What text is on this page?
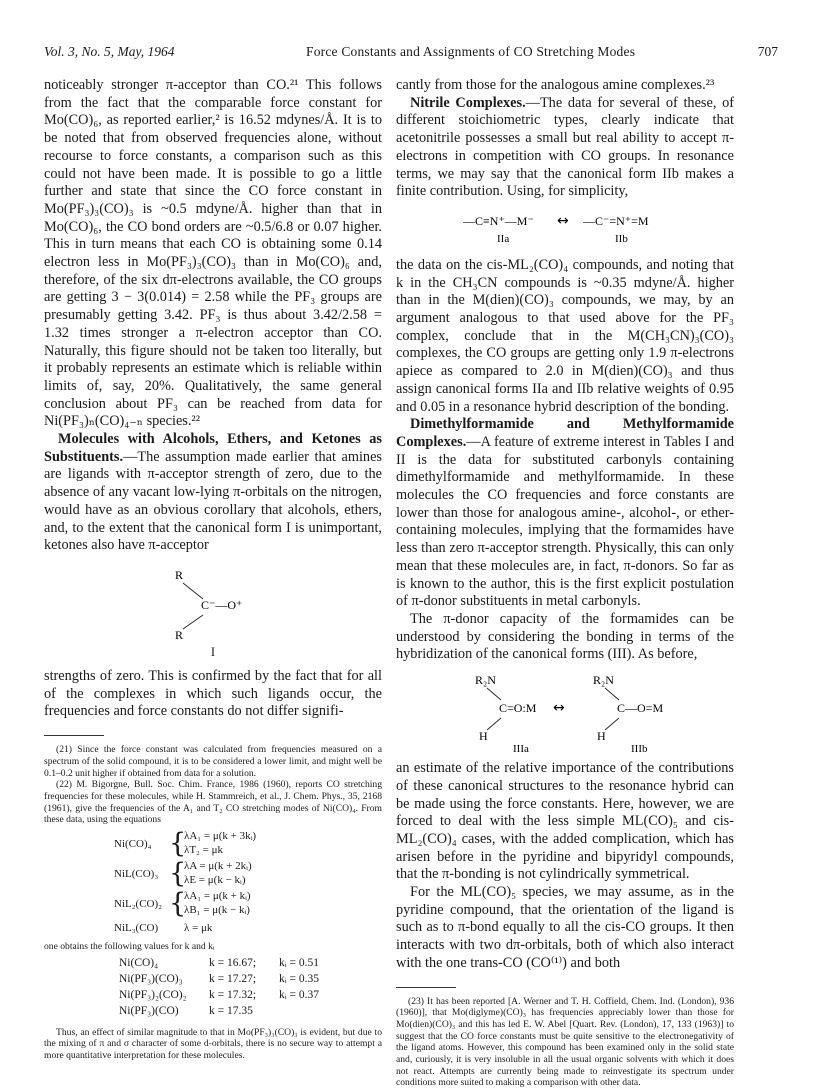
Vol. 3, No. 5, May, 1964	Force Constants and Assignments of CO Stretching Modes	707

noticeably stronger π-acceptor than CO.²¹ This follows from the fact that the comparable force constant for Mo(CO)₆, as reported earlier,² is 16.52 mdynes/Å. It is to be noted that from observed frequencies alone, without recourse to force constants, a comparison such as this could not have been made. It is possible to go a little further and state that since the CO force constant in Mo(PF₃)₃(CO)₃ is ~0.5 mdyne/Å. higher than that in Mo(CO)₆, the CO bond orders are ~0.5/6.8 or 0.07 higher. This in turn means that each CO is obtaining some 0.14 electron less in Mo(PF₃)₃(CO)₃ than in Mo(CO)₆ and, therefore, of the six dπ-electrons available, the CO groups are getting 3 − 3(0.014) = 2.58 while the PF₃ groups are presumably getting 3.42. PF₃ is thus about 3.42/2.58 = 1.32 times stronger a π-electron acceptor than CO. Naturally, this figure should not be taken too literally, but it probably represents an estimate which is reliable within limits of, say, 20%. Qualitatively, the same general conclusion about PF₃ can be reached from data for Ni(PF₃)ₙ(CO)₄₋ₙ species.²²

Molecules with Alcohols, Ethers, and Ketones as Substituents.—The assumption made earlier that amines are ligands with π-acceptor strength of zero, due to the absence of any vacant low-lying π-orbitals on the nitrogen, would have as an obvious corollary that alcohols, ethers, and, to the extent that the canonical form I is unimportant, ketones also have π-acceptor

R
C⁻—O⁺
R
I

strengths of zero. This is confirmed by the fact that for all of the complexes in which such ligands occur, the frequencies and force constants do not differ signifi-

(21) Since the force constant was calculated from frequencies measured on a spectrum of the solid compound, it is to be considered a lower limit, and might well be 0.1–0.2 unit higher if obtained from data for a solution.

(22) M. Bigorgne, Bull. Soc. Chim. France, 1986 (1960), reports CO stretching frequencies for these molecules, while H. Stammreich, et al., J. Chem. Phys., 35, 2168 (1961), give the frequencies of the A₁ and T₂ CO stretching modes of Ni(CO)₄. From these data, using the equations

Ni(CO)₄ {
λA₁ = μ(k + 3kᵢ)
λT₂ = μk
NiL(CO)₃ {
λA = μ(k + 2kᵢ)
λE = μ(k − kᵢ)
NiL₂(CO)₂ {
λA₁ = μ(k + kᵢ)
λB₁ = μ(k − kᵢ)
NiL₃(CO) λ = μk

one obtains the following values for k and kᵢ

Ni(CO)₄	k = 16.67; kᵢ = 0.51
Ni(PF₃)(CO)₃ k = 17.27; kᵢ = 0.35
Ni(PF₃)₂(CO)₂ k = 17.32; kᵢ = 0.37
Ni(PF₃)(CO)	k = 17.35

Thus, an effect of similar magnitude to that in Mo(PF₃)₃(CO)₃ is evident, but due to the mixing of π and σ character of some d-orbitals, there is no secure way to attempt a more quantitative interpretation for these molecules.

cantly from those for the analogous amine complexes.²³

Nitrile Complexes.—The data for several of these, of different stoichiometric types, clearly indicate that acetonitrile possesses a small but real ability to accept π-electrons in competition with CO groups. In resonance terms, we may say that the canonical form IIb makes a finite contribution. Using, for simplicity,

—C≡N⁺—M⁻ ↔ —C⁻=N⁺=M
IIa	IIb

the data on the cis-ML₂(CO)₄ compounds, and noting that k in the CH₃CN compounds is ~0.35 mdyne/Å. higher than in the M(dien)(CO)₃ compounds, we may, by an argument analogous to that used above for the PF₃ complex, conclude that in the M(CH₃CN)₃(CO)₃ complexes, the CO groups are getting only 1.9 π-electrons apiece as compared to 2.0 in M(dien)(CO)₃ and thus assign canonical forms IIa and IIb relative weights of 0.95 and 0.05 in a resonance hybrid description of the bonding.

Dimethylformamide and Methylformamide Complexes.—A feature of extreme interest in Tables I and II is the data for substituted carbonyls containing dimethylformamide and methylformamide. In these molecules the CO frequencies and force constants are lower than those for analogous amine-, alcohol-, or ether-containing molecules, implying that the formamides have less than zero π-acceptor strength. Physically, this can only mean that these molecules are, in fact, π-donors. So far as is known to the author, this is the first explicit postulation of π-donor substituents in metal carbonyls.

The π-donor capacity of the formamides can be understood by considering the bonding in terms of the hybridization of the canonical forms (III). As before,

R₂N
C=O:M
H
↔
R₂N
C—O=M
H
IIIa	IIIb

an estimate of the relative importance of the contributions of these canonical structures to the resonance hybrid can be made using the force constants. Here, however, we are forced to deal with the less simple ML(CO)₅ and cis-ML₂(CO)₄ cases, with the added complication, which has arisen before in the pyridine and bipyridyl compounds, that the π-bonding is not cylindrically symmetrical.

For the ML(CO)₅ species, we may assume, as in the pyridine compound, that the orientation of the ligand is such as to π-bond equally to all the cis-CO groups. It then interacts with two dπ-orbitals, both of which also interact with the one trans-CO (CO⁽¹⁾) and both

(23) It has been reported [A. Werner and T. H. Coffield, Chem. Ind. (London), 936 (1960)], that Mo(diglyme)(CO)₃ has frequencies appreciably lower than those for Mo(dien)(CO)₃ and this has led E. W. Abel [Quart. Rev. (London), 17, 133 (1963)] to suggest that the CO force constants must be quite sensitive to the electronegativity of the ligand atoms. However, this compound has been examined only in the solid state and, curiously, it is very insoluble in all the usual organic solvents with which it does not react. Attempts are currently being made to reinvestigate its spectrum under conditions more suited to making a comparison with other data.
